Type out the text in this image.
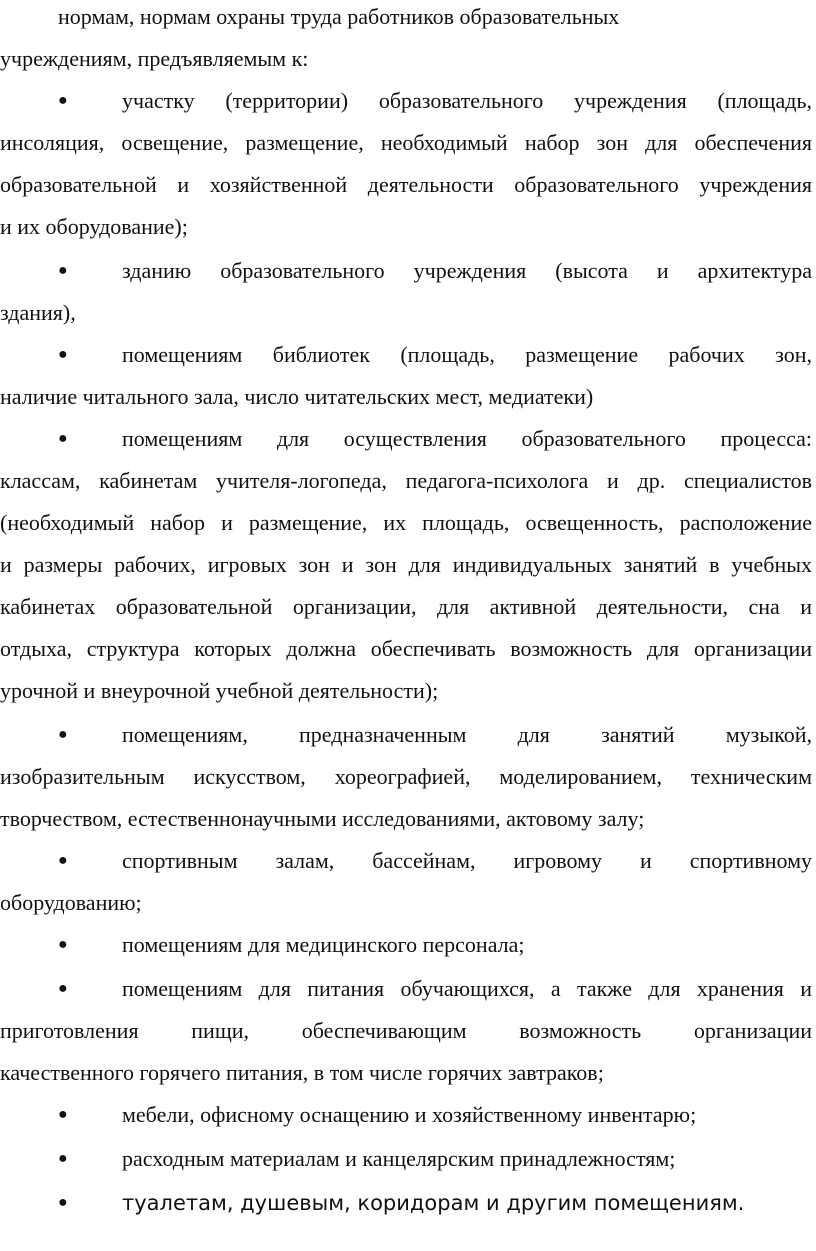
нормам, нормам охраны труда работников образовательных
учреждениям, предъявляемым к:
● участку (территории) образовательного учреждения (площадь,
инсоляция, освещение, размещение, необходимый набор зон для обеспечения
образовательной и хозяйственной деятельности образовательного учреждения
и их оборудование);
● зданию образовательного учреждения (высота и архитектура
здания),
● помещениям библиотек (площадь, размещение рабочих зон,
наличие читального зала, число читательских мест, медиатеки)
● помещениям для осуществления образовательного процесса:
классам, кабинетам учителя-логопеда, педагога-психолога и др. специалистов
(необходимый набор и размещение, их площадь, освещенность, расположение
и размеры рабочих, игровых зон и зон для индивидуальных занятий в учебных
кабинетах образовательной организации, для активной деятельности, сна и
отдыха, структура которых должна обеспечивать возможность для организации
урочной и внеурочной учебной деятельности);
● помещениям, предназначенным для занятий музыкой,
изобразительным искусством, хореографией, моделированием, техническим
творчеством, естественнонаучными исследованиями, актовому залу;
● спортивным залам, бассейнам, игровому и спортивному
оборудованию;
● помещениям для медицинского персонала;
● помещениям для питания обучающихся, а также для хранения и
приготовления пищи, обеспечивающим возможность организации
качественного горячего питания, в том числе горячих завтраков;
● мебели, офисному оснащению и хозяйственному инвентарю;
● расходным материалам и канцелярским принадлежностям;
●	туалетам, душевым, коридорам и другим помещениям.
